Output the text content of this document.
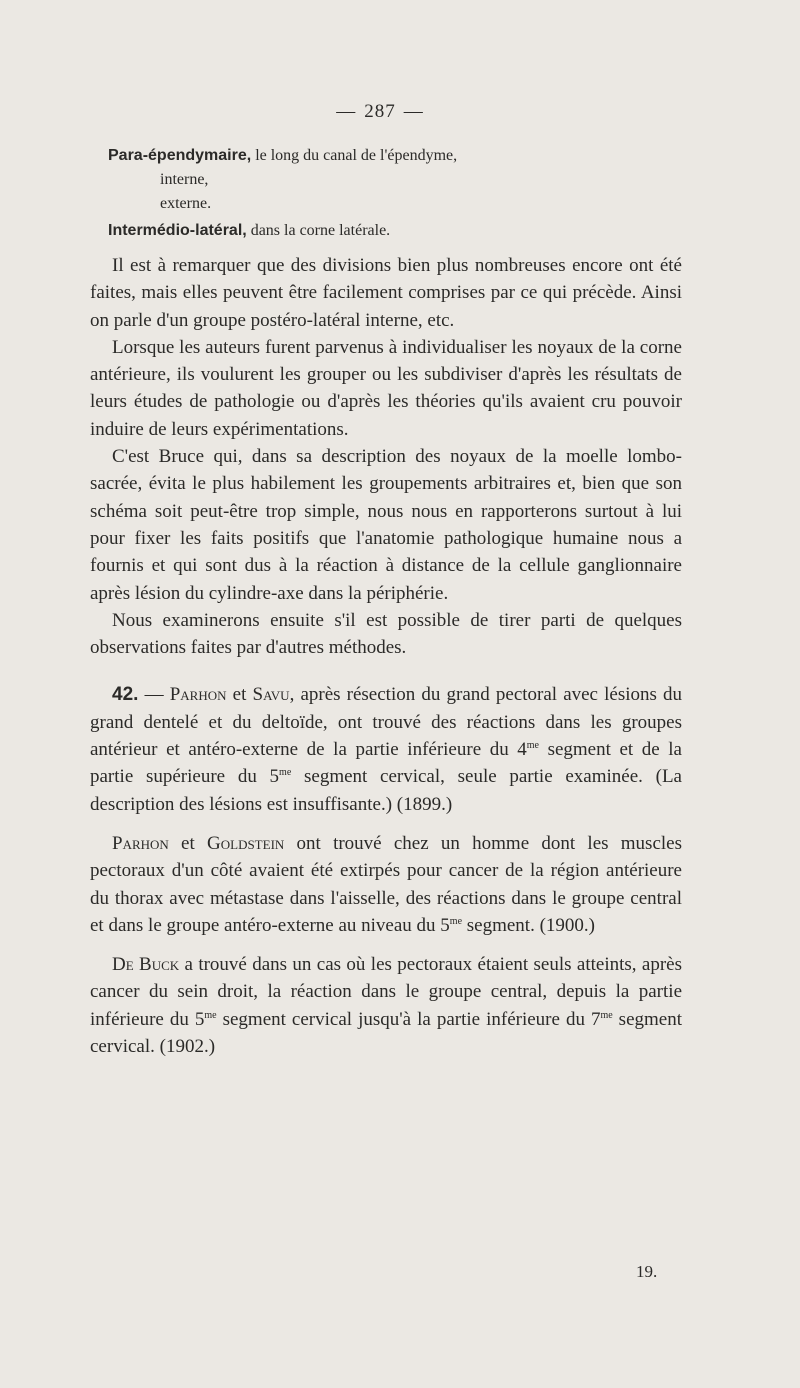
— 287 —
Para-épendymaire, le long du canal de l'épendyme,
interne,
externe.
Intermédio-latéral, dans la corne latérale.

Il est à remarquer que des divisions bien plus nombreuses encore ont été faites, mais elles peuvent être facilement comprises par ce qui précède. Ainsi on parle d'un groupe postéro-latéral interne, etc.

Lorsque les auteurs furent parvenus à individualiser les noyaux de la corne antérieure, ils voulurent les grouper ou les subdiviser d'après les résultats de leurs études de pathologie ou d'après les théories qu'ils avaient cru pouvoir induire de leurs expérimentations.

C'est Bruce qui, dans sa description des noyaux de la moelle lombo-sacrée, évita le plus habilement les groupements arbitraires et, bien que son schéma soit peut-être trop simple, nous nous en rapporterons surtout à lui pour fixer les faits positifs que l'anatomie pathologique humaine nous a fournis et qui sont dus à la réaction à distance de la cellule ganglionnaire après lésion du cylindre-axe dans la périphérie.

Nous examinerons ensuite s'il est possible de tirer parti de quelques observations faites par d'autres méthodes.

42. — Parhon et Savu, après résection du grand pectoral avec lésions du grand dentelé et du deltoïde, ont trouvé des réactions dans les groupes antérieur et antéro-externe de la partie inférieure du $4^{me}$ segment et de la partie supérieure du $5^{me}$ segment cervical, seule partie examinée. (La description des lésions est insuffisante.) (1899.)

Parhon et Goldstein ont trouvé chez un homme dont les muscles pectoraux d'un côté avaient été extirpés pour cancer de la région antérieure du thorax avec métastase dans l'aisselle, des réactions dans le groupe central et dans le groupe antéro-externe au niveau du $5^{me}$ segment. (1900.)

De Buck a trouvé dans un cas où les pectoraux étaient seuls atteints, après cancer du sein droit, la réaction dans le groupe central, depuis la partie inférieure du $5^{me}$ segment cervical jusqu'à la partie inférieure du $7^{me}$ segment cervical. (1902.)

19.
